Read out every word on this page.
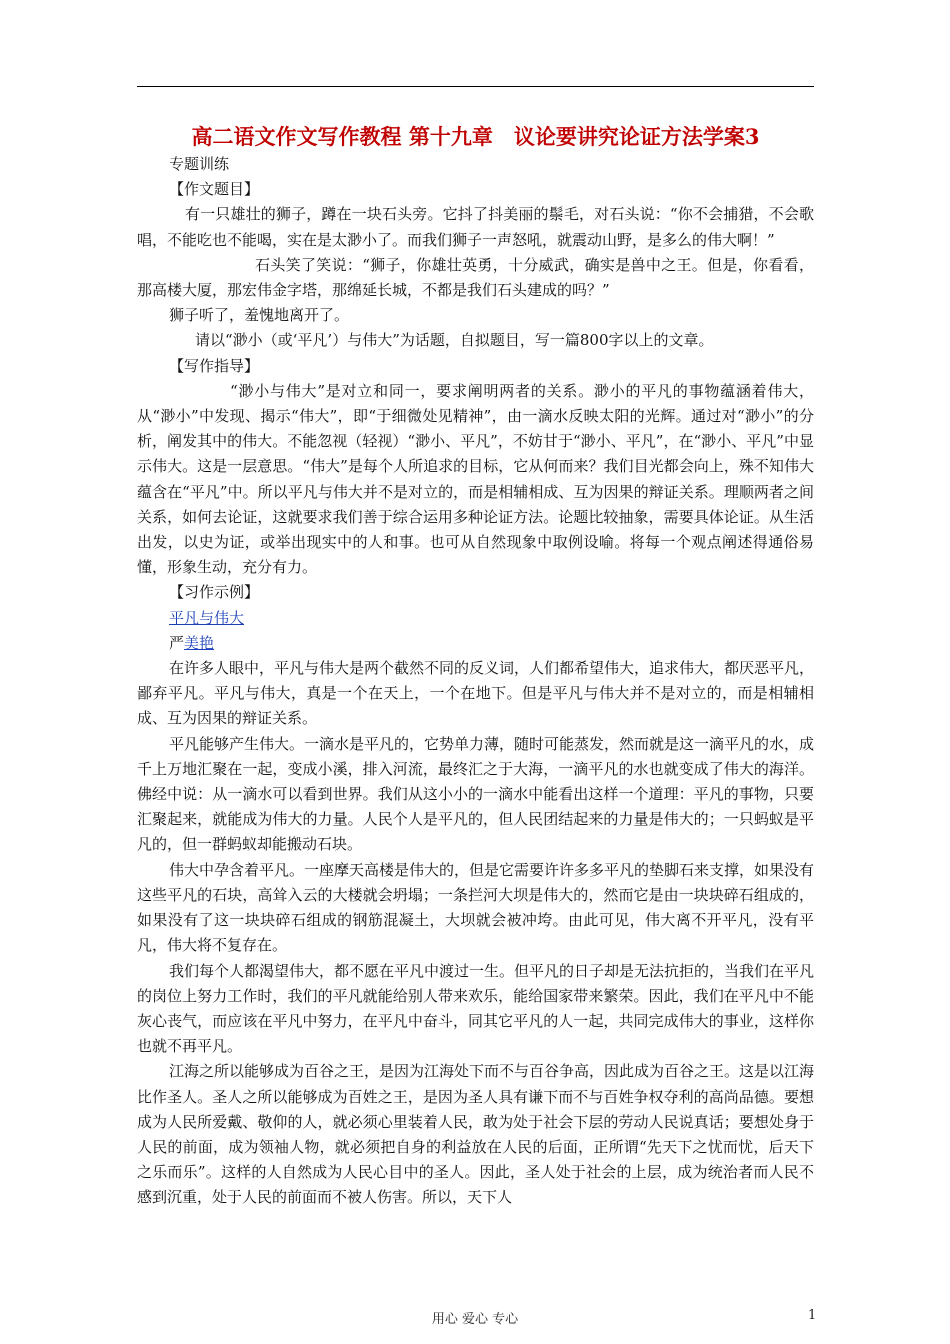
高二语文作文写作教程 第十九章　议论要讲究论证方法学案3
专题训练
【作文题目】
有一只雄壮的狮子，蹲在一块石头旁。它抖了抖美丽的鬃毛，对石头说：“你不会捕猎，不会歌唱，不能吃也不能喝，实在是太渺小了。而我们狮子一声怒吼，就震动山野，是多么的伟大啊！”
石头笑了笑说：“狮子，你雄壮英勇，十分威武，确实是兽中之王。但是，你看看，那高楼大厦，那宏伟金字塔，那绵延长城，不都是我们石头建成的吗？”
狮子听了，羞愧地离开了。
请以“渺小（或‘平凡’）与伟大”为话题，自拟题目，写一篇800字以上的文章。
【写作指导】
“渺小与伟大”是对立和同一，要求阐明两者的关系。渺小的平凡的事物蕴涵着伟大，从“渺小”中发现、揭示“伟大”，即“于细微处见精神”，由一滴水反映太阳的光辉。通过对“渺小”的分析，阐发其中的伟大。不能忽视（轻视）“渺小、平凡”，不妨甘于“渺小、平凡”，在“渺小、平凡”中显示伟大。这是一层意思。“伟大”是每个人所追求的目标，它从何而来？我们目光都会向上，殊不知伟大蕴含在“平凡”中。所以平凡与伟大并不是对立的，而是相辅相成、互为因果的辩证关系。理顺两者之间关系，如何去论证，这就要求我们善于综合运用多种论证方法。论题比较抽象，需要具体论证。从生活出发，以史为证，或举出现实中的人和事。也可从自然现象中取例设喻。将每一个观点阐述得通俗易懂，形象生动，充分有力。
【习作示例】
平凡与伟大
严美艳
在许多人眼中，平凡与伟大是两个截然不同的反义词，人们都希望伟大，追求伟大，都厌恶平凡，鄙弃平凡。平凡与伟大，真是一个在天上，一个在地下。但是平凡与伟大并不是对立的，而是相辅相成、互为因果的辩证关系。
平凡能够产生伟大。一滴水是平凡的，它势单力薄，随时可能蒸发，然而就是这一滴平凡的水，成千上万地汇聚在一起，变成小溪，排入河流，最终汇之于大海，一滴平凡的水也就变成了伟大的海洋。佛经中说：从一滴水可以看到世界。我们从这小小的一滴水中能看出这样一个道理：平凡的事物，只要汇聚起来，就能成为伟大的力量。人民个人是平凡的，但人民团结起来的力量是伟大的；一只蚂蚁是平凡的，但一群蚂蚁却能搬动石块。
伟大中孕含着平凡。一座摩天高楼是伟大的，但是它需要许许多多平凡的垫脚石来支撑，如果没有这些平凡的石块，高耸入云的大楼就会坍塌；一条拦河大坝是伟大的，然而它是由一块块碎石组成的，如果没有了这一块块碎石组成的钢筋混凝土，大坝就会被冲垮。由此可见，伟大离不开平凡，没有平凡，伟大将不复存在。
我们每个人都渴望伟大，都不愿在平凡中渡过一生。但平凡的日子却是无法抗拒的，当我们在平凡的岗位上努力工作时，我们的平凡就能给别人带来欢乐，能给国家带来繁荣。因此，我们在平凡中不能灰心丧气，而应该在平凡中努力，在平凡中奋斗，同其它平凡的人一起，共同完成伟大的事业，这样你也就不再平凡。
江海之所以能够成为百谷之王，是因为江海处下而不与百谷争高，因此成为百谷之王。这是以江海比作圣人。圣人之所以能够成为百姓之王，是因为圣人具有谦下而不与百姓争权夺利的高尚品德。要想成为人民所爱戴、敬仰的人，就必须心里装着人民，敢为处于社会下层的劳动人民说真话；要想处身于人民的前面，成为领袖人物，就必须把自身的利益放在人民的后面，正所谓“先天下之忧而忧，后天下之乐而乐”。这样的人自然成为人民心目中的圣人。因此，圣人处于社会的上层，成为统治者而人民不感到沉重，处于人民的前面而不被人伤害。所以，天下人
用心 爱心 专心	1
